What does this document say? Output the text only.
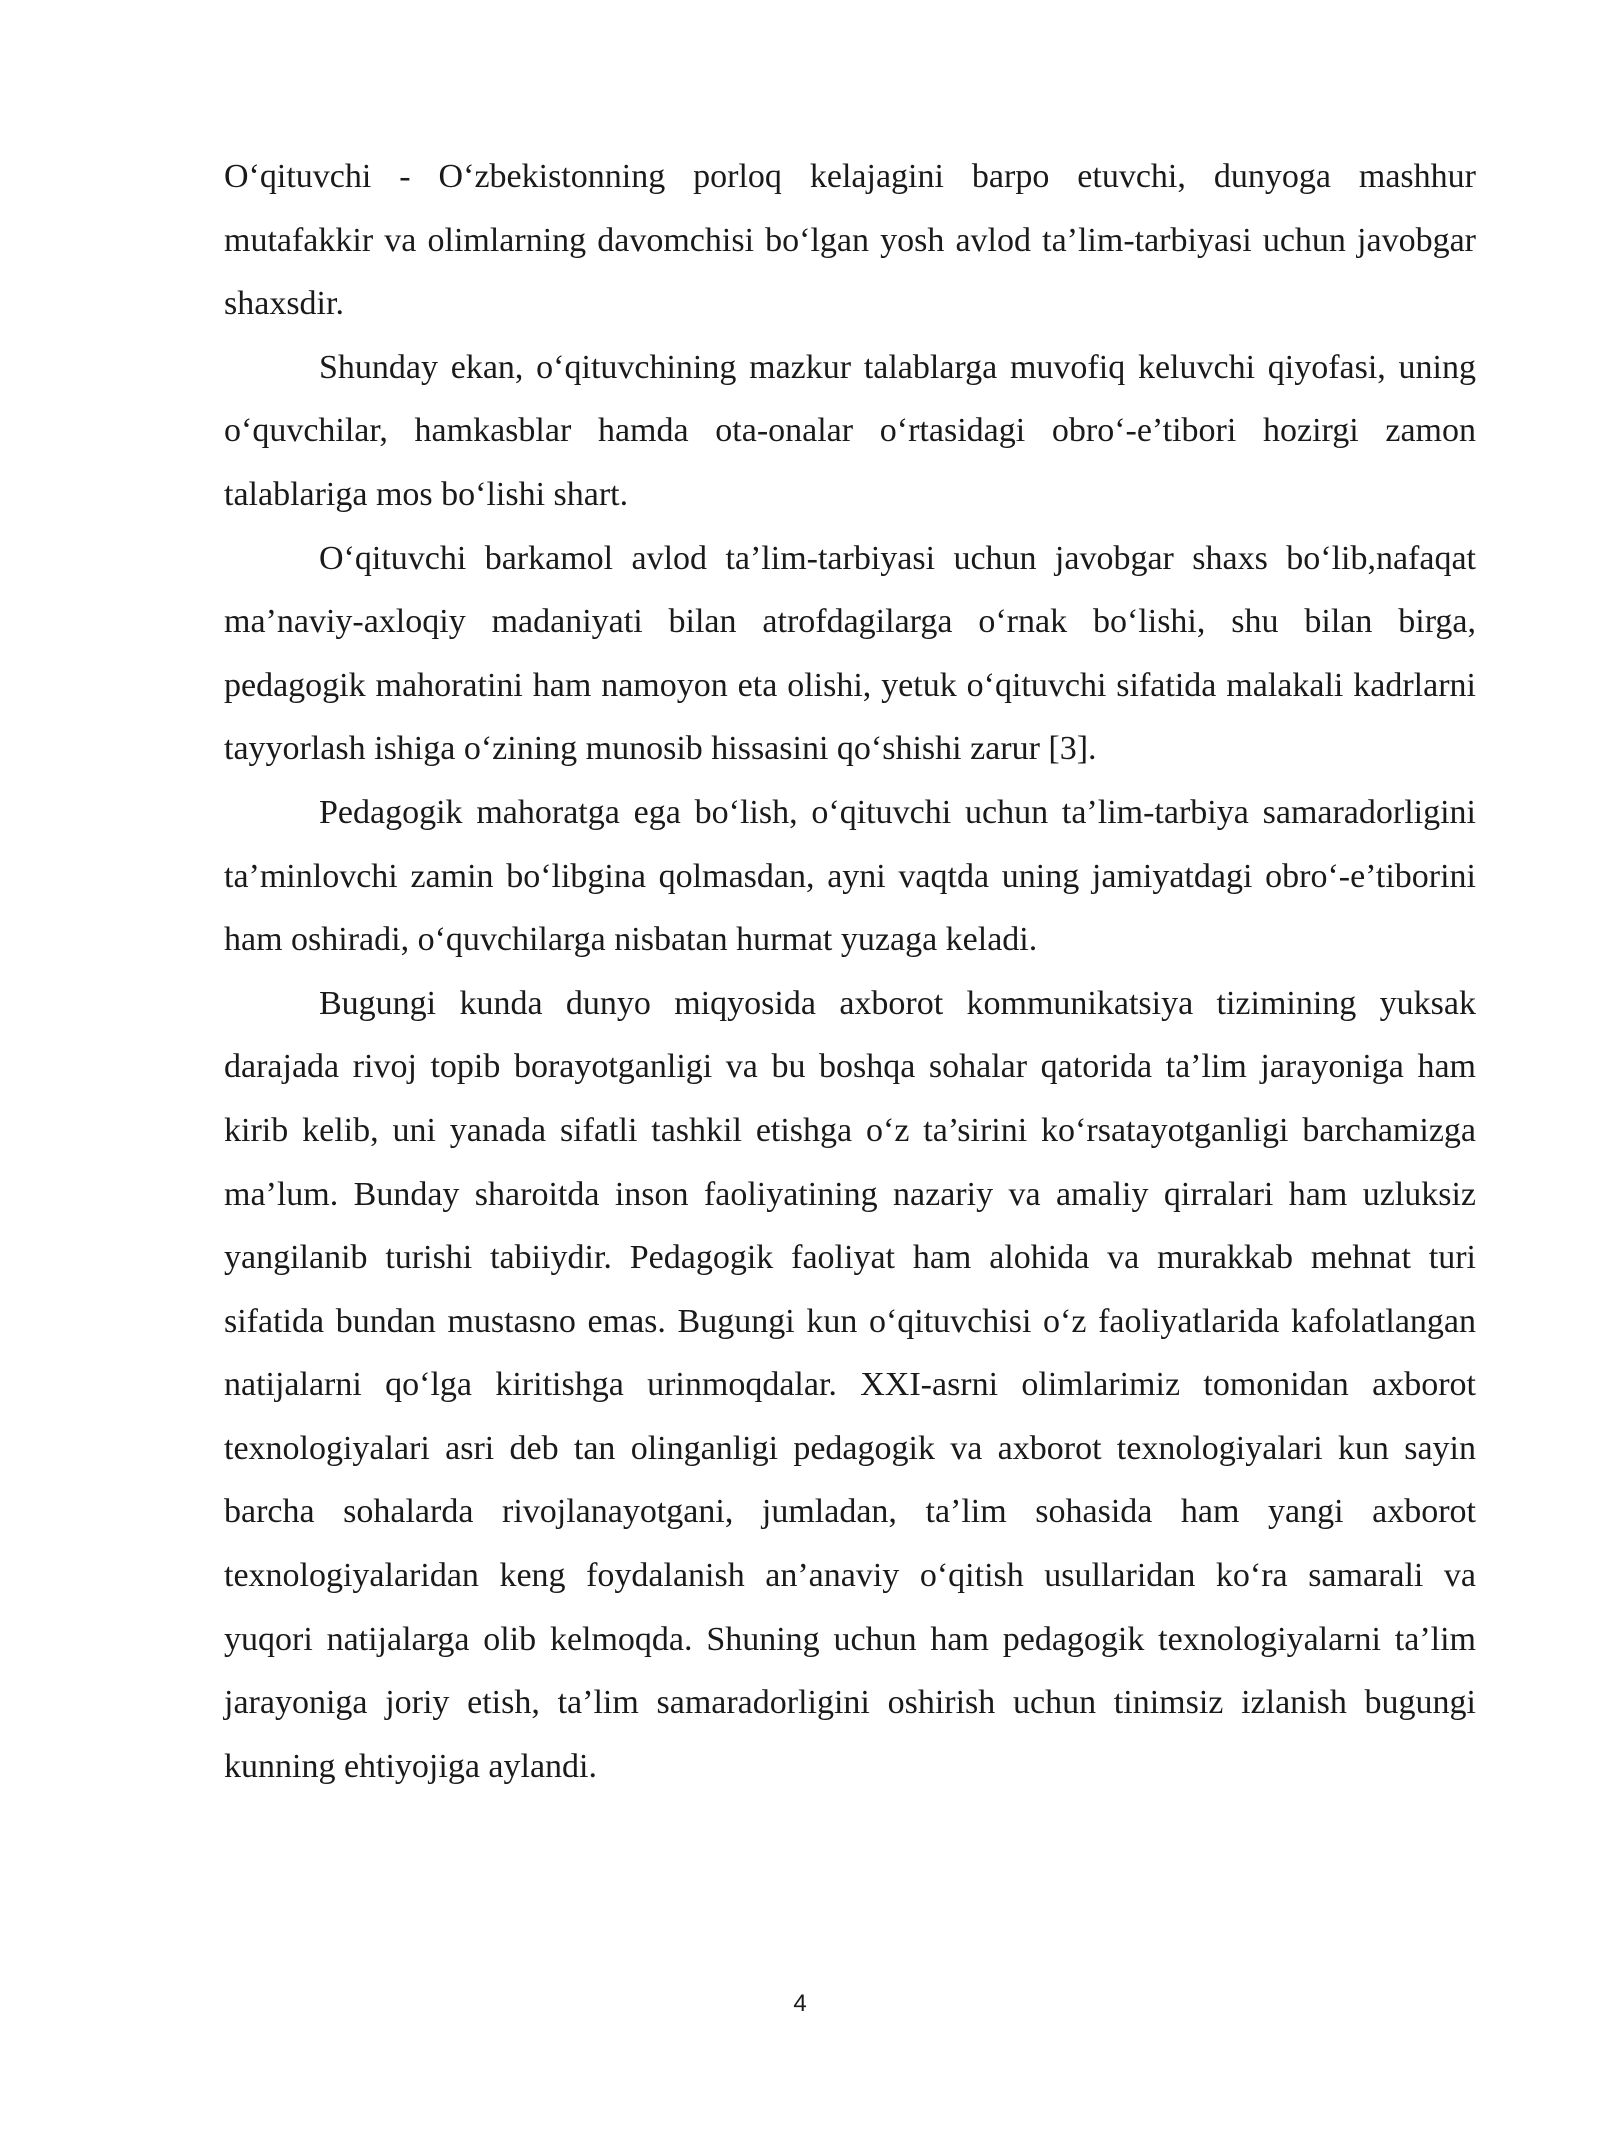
O‘qituvchi - O‘zbekistonning porloq kelajagini barpo etuvchi, dunyoga mashhur mutafakkir va olimlarning davomchisi bo‘lgan yosh avlod ta’lim-tarbiyasi uchun javobgar shaxsdir.

Shunday ekan, o‘qituvchining mazkur talablarga muvofiq keluvchi qiyofasi, uning o‘quvchilar, hamkasblar hamda ota-onalar o‘rtasidagi obro‘-e’tibori hozirgi zamon talablariga mos bo‘lishi shart.

O‘qituvchi barkamol avlod ta’lim-tarbiyasi uchun javobgar shaxs bo‘lib,nafaqat ma’naviy-axloqiy madaniyati bilan atrofdagilarga o‘rnak bo‘lishi, shu bilan birga, pedagogik mahoratini ham namoyon eta olishi, yetuk o‘qituvchi sifatida malakali kadrlarni tayyorlash ishiga o‘zining munosib hissasini qo‘shishi zarur [3].

Pedagogik mahoratga ega bo‘lish, o‘qituvchi uchun ta’lim-tarbiya samaradorligini ta’minlovchi zamin bo‘libgina qolmasdan, ayni vaqtda uning jamiyatdagi obro‘-e’tiborini ham oshiradi, o‘quvchilarga nisbatan hurmat yuzaga keladi.

Bugungi kunda dunyo miqyosida axborot kommunikatsiya tizimining yuksak darajada rivoj topib borayotganligi va bu boshqa sohalar qatorida ta’lim jarayoniga ham kirib kelib, uni yanada sifatli tashkil etishga o‘z ta’sirini ko‘rsatayotganligi barchamizga ma’lum. Bunday sharoitda inson faoliyatining nazariy va amaliy qirralari ham uzluksiz yangilanib turishi tabiiydir. Pedagogik faoliyat ham alohida va murakkab mehnat turi sifatida bundan mustasno emas. Bugungi kun o‘qituvchisi o‘z faoliyatlarida kafolatlangan natijalarni qo‘lga kiritishga urinmoqdalar. XXI-asrni olimlarimiz tomonidan axborot texnologiyalari asri deb tan olinganligi pedagogik va axborot texnologiyalari kun sayin barcha sohalarda rivojlanayotgani, jumladan, ta’lim sohasida ham yangi axborot texnologiyalaridan keng foydalanish an’anaviy o‘qitish usullaridan ko‘ra samarali va yuqori natijalarga olib kelmoqda. Shuning uchun ham pedagogik texnologiyalarni ta’lim jarayoniga joriy etish, ta’lim samaradorligini oshirish uchun tinimsiz izlanish bugungi kunning ehtiyojiga aylandi.

4
